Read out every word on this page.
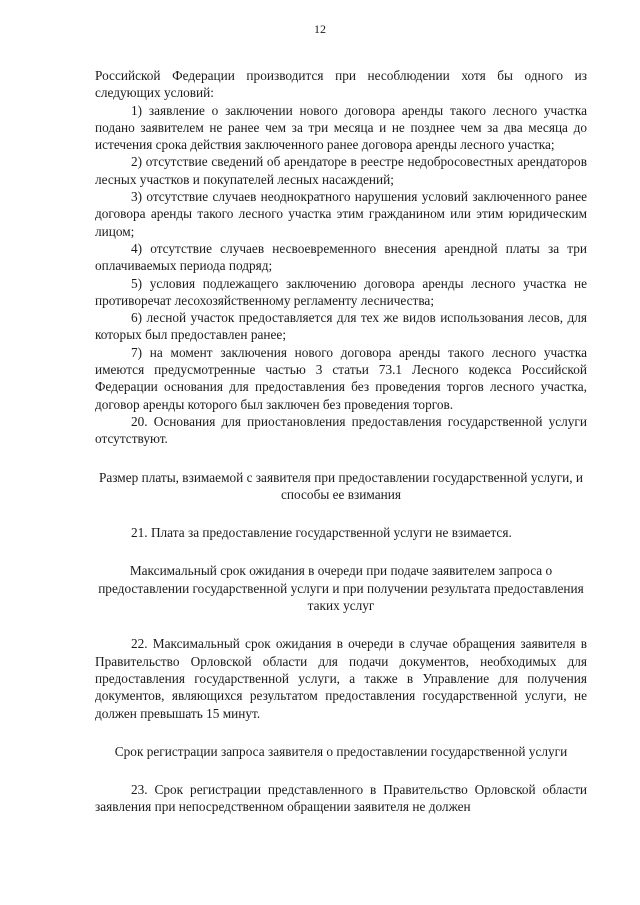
12

Российской Федерации производится при несоблюдении хотя бы одного из следующих условий:

1) заявление о заключении нового договора аренды такого лесного участка подано заявителем не ранее чем за три месяца и не позднее чем за два месяца до истечения срока действия заключенного ранее договора аренды лесного участка;

2) отсутствие сведений об арендаторе в реестре недобросовестных арендаторов лесных участков и покупателей лесных насаждений;

3) отсутствие случаев неоднократного нарушения условий заключенного ранее договора аренды такого лесного участка этим гражданином или этим юридическим лицом;

4) отсутствие случаев несвоевременного внесения арендной платы за три оплачиваемых периода подряд;

5) условия подлежащего заключению договора аренды лесного участка не противоречат лесохозяйственному регламенту лесничества;

6) лесной участок предоставляется для тех же видов использования лесов, для которых был предоставлен ранее;

7) на момент заключения нового договора аренды такого лесного участка имеются предусмотренные частью 3 статьи 73.1 Лесного кодекса Российской Федерации основания для предоставления без проведения торгов лесного участка, договор аренды которого был заключен без проведения торгов.

20. Основания для приостановления предоставления государственной услуги отсутствуют.

Размер платы, взимаемой с заявителя при предоставлении государственной услуги, и способы ее взимания

21. Плата за предоставление государственной услуги не взимается.

Максимальный срок ожидания в очереди при подаче заявителем запроса о предоставлении государственной услуги и при получении результата предоставления таких услуг

22. Максимальный срок ожидания в очереди в случае обращения заявителя в Правительство Орловской области для подачи документов, необходимых для предоставления государственной услуги, а также в Управление для получения документов, являющихся результатом предоставления государственной услуги, не должен превышать 15 минут.

Срок регистрации запроса заявителя о предоставлении государственной услуги

23. Срок регистрации представленного в Правительство Орловской области заявления при непосредственном обращении заявителя не должен
